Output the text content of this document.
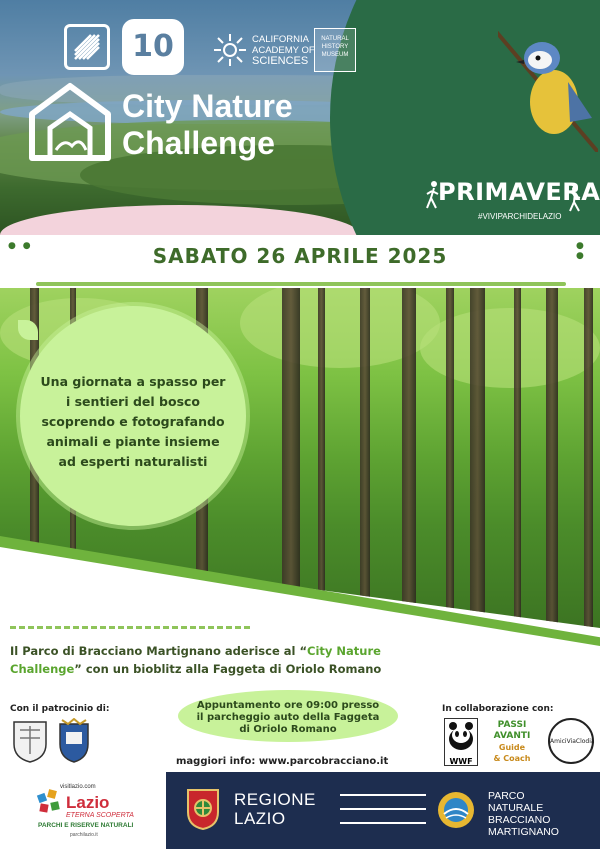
10	CALIFORNIA
ACADEMY OF
SCIENCES
NATURAL
HISTORY
MUSEUM
City Nature
Challenge
PRIMAVERA
#VIVIPARCHIDELAZIO
● ●	● ●
SABATO 26 APRILE 2025
Una giornata a spasso per i sentieri del bosco scoprendo e fotografando animali e piante insieme ad esperti naturalisti
Il Parco di Bracciano Martignano aderisce al “City Nature Challenge” con un bioblitz alla Faggeta di Oriolo Romano
Con il patrocinio di:	Appuntamento ore 09:00 presso
il parcheggio auto della Faggeta
di Oriolo Romano
maggiori info: www.parcobracciano.it
In collaborazione con:
WWF
PASSI
AVANTI
Guide
& Coach
AmiciViaClodia
visitlazio.com
Lazio
ETERNA SCOPERTA
PARCHI E RISERVE NATURALI
parchilazio.it
REGIONE
LAZIO
PARCO
NATURALE
BRACCIANO
MARTIGNANO
